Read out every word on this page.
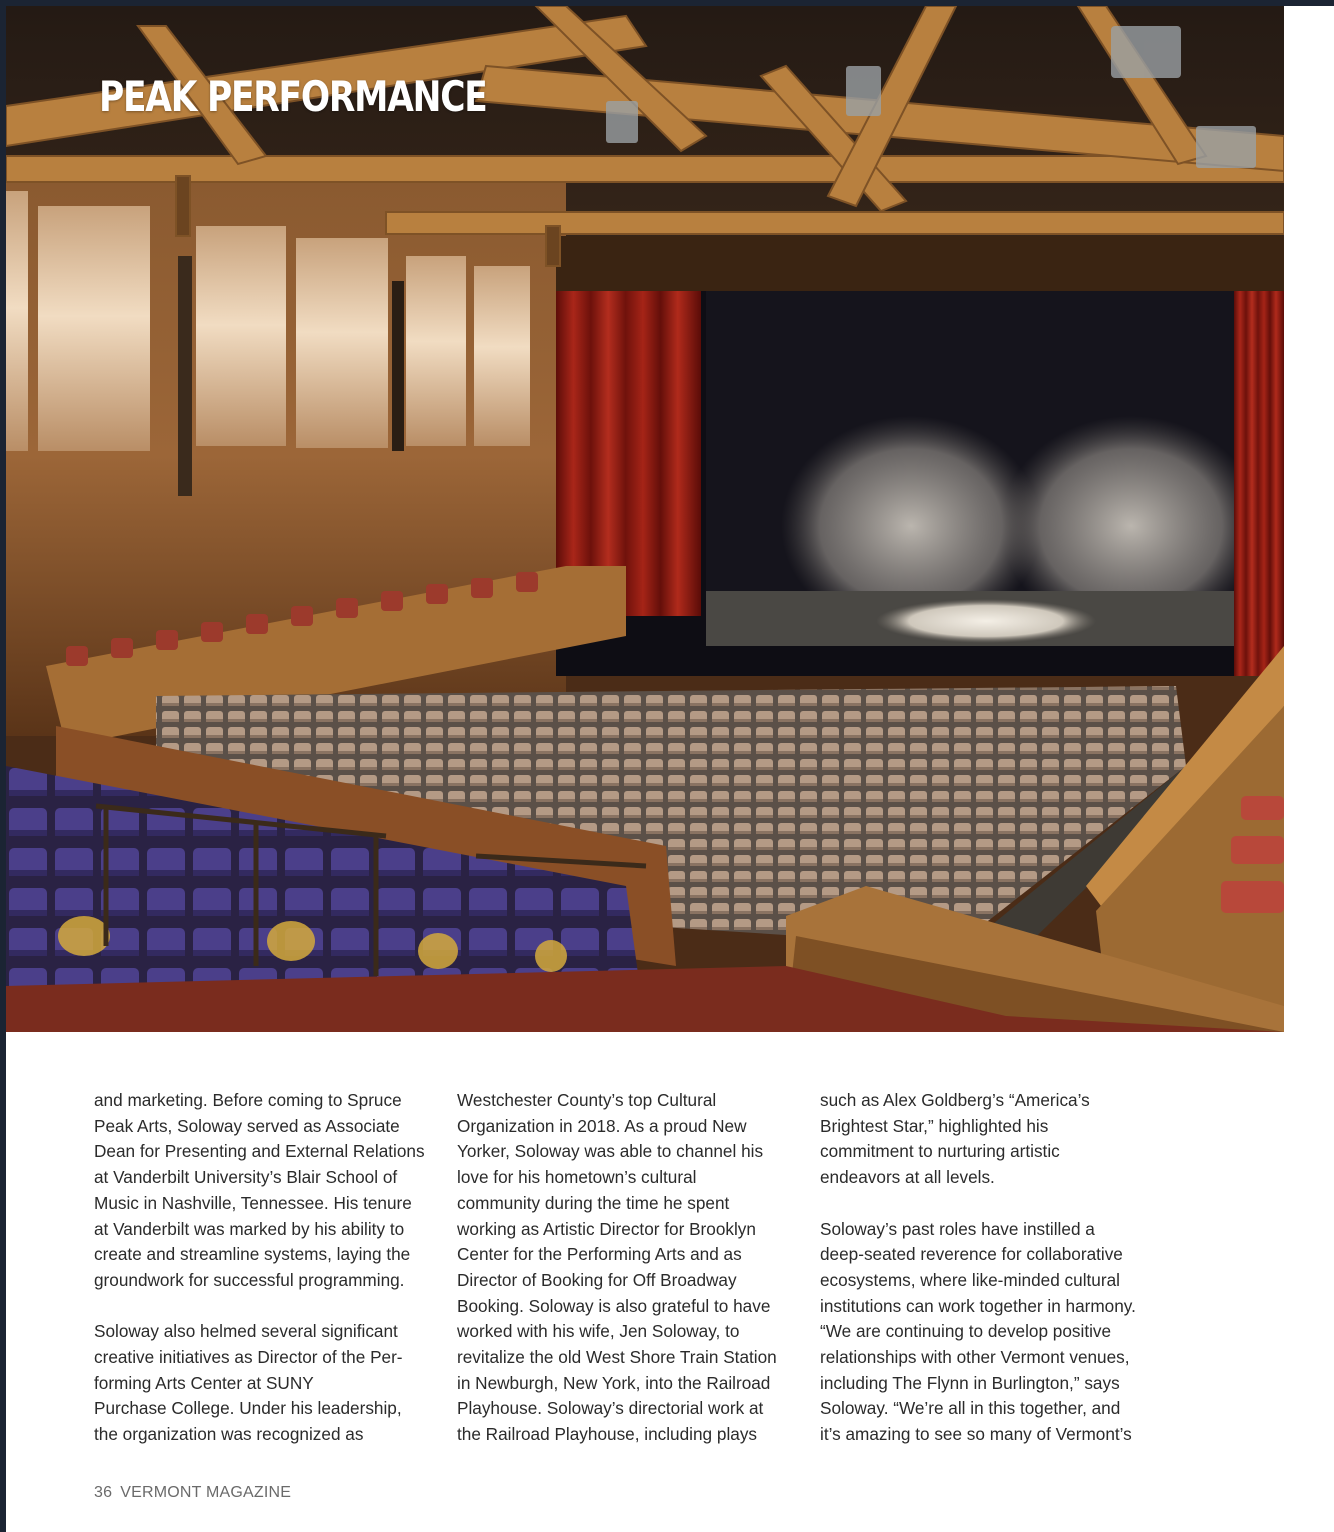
PEAK PERFORMANCE

and marketing. Before coming to Spruce
Peak Arts, Soloway served as Associate
Dean for Presenting and External Relations
at Vanderbilt University’s Blair School of
Music in Nashville, Tennessee. His tenure
at Vanderbilt was marked by his ability to
create and streamline systems, laying the
groundwork for successful programming.

Soloway also helmed several significant
creative initiatives as Director of the Per-
forming Arts Center at SUNY
Purchase College. Under his leadership,
the organization was recognized as

Westchester County’s top Cultural
Organization in 2018. As a proud New
Yorker, Soloway was able to channel his
love for his hometown’s cultural
community during the time he spent
working as Artistic Director for Brooklyn
Center for the Performing Arts and as
Director of Booking for Off Broadway
Booking. Soloway is also grateful to have
worked with his wife, Jen Soloway, to
revitalize the old West Shore Train Station
in Newburgh, New York, into the Railroad
Playhouse. Soloway’s directorial work at
the Railroad Playhouse, including plays

such as Alex Goldberg’s “America’s
Brightest Star,” highlighted his
commitment to nurturing artistic
endeavors at all levels.

Soloway’s past roles have instilled a
deep-seated reverence for collaborative
ecosystems, where like-minded cultural
institutions can work together in harmony.
“We are continuing to develop positive
relationships with other Vermont venues,
including The Flynn in Burlington,” says
Soloway. “We’re all in this together, and
it’s amazing to see so many of Vermont’s

36 VERMONT MAGAZINE
